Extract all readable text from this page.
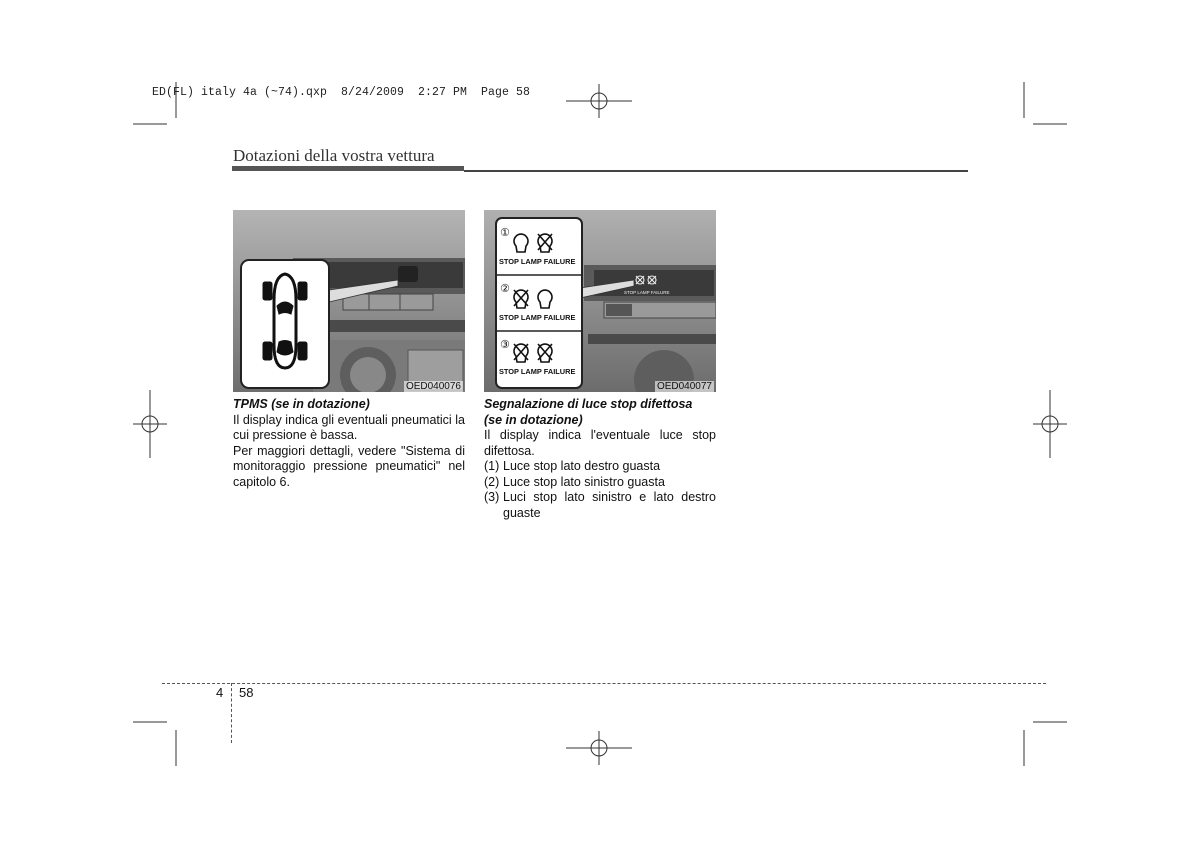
ED(FL) italy 4a (~74).qxp  8/24/2009  2:27 PM  Page 58
Dotazioni della vostra vettura
OED040076
TPMS (se in dotazione)

Il display indica gli eventuali pneumatici la cui pressione è bassa.

Per maggiori dettagli, vedere "Sistema di monitoraggio pressione pneumatici" nel capitolo 6.

①
②
③
STOP LAMP FAILURE
STOP LAMP FAILURE
STOP LAMP FAILURE
STOP LAMP FAILURE
OED040077
Segnalazione di luce stop difettosa
(se in dotazione)

Il display indica l'eventuale luce stop difettosa.

(1) Luce stop lato destro guasta
(2) Luce stop lato sinistro guasta
(3) Luci stop lato sinistro e lato destro guaste
4 58
